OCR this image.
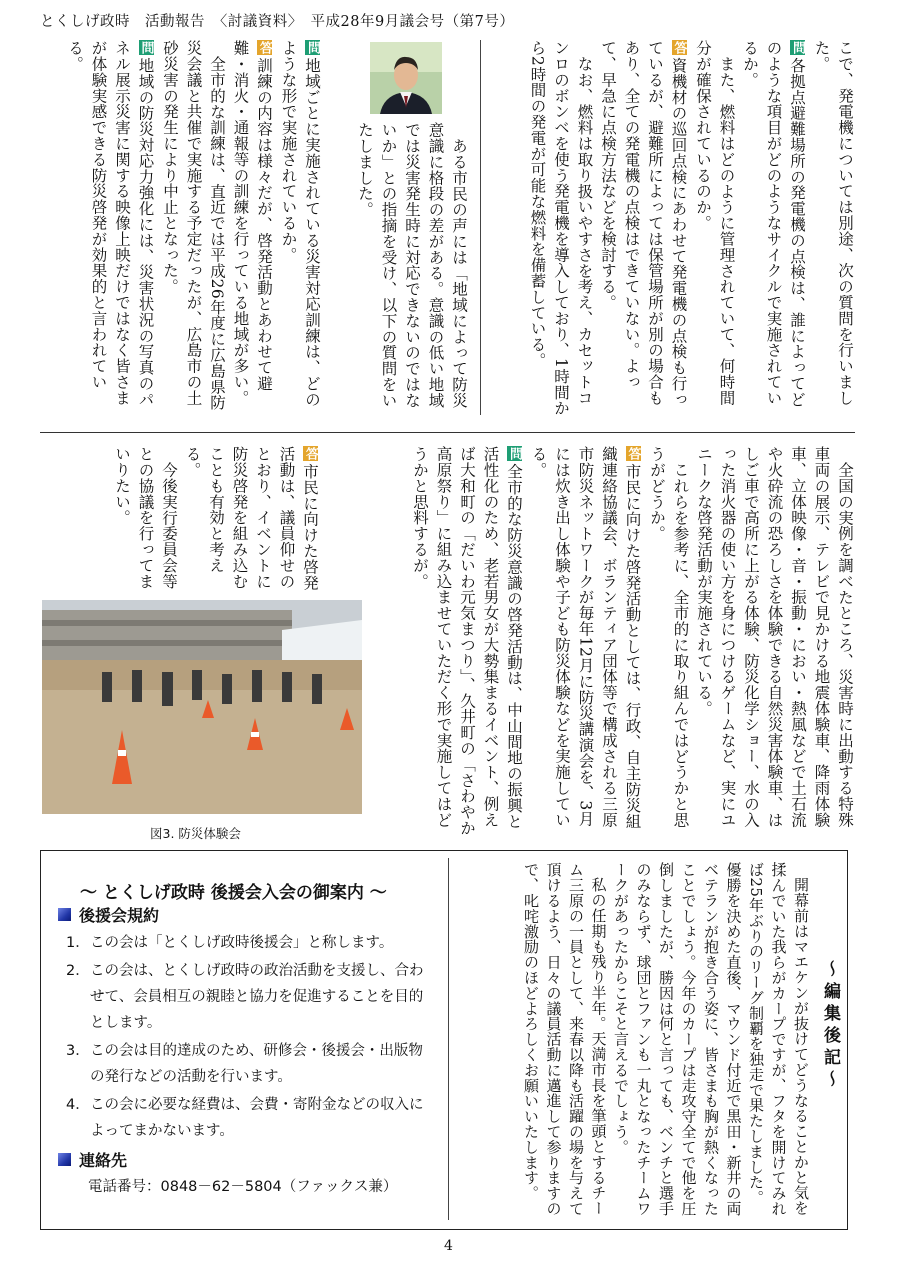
とくしげ政時　活動報告　〈討議資料〉　平成28年9月議会号（第7号）

こで、発電機については別途、次の質問を行いました。

問各拠点避難場所の発電機の点検は、誰によってどのような項目がどのようなサイクルで実施されているか。

また、燃料はどのように管理されていて、何時間分が確保されているのか。

答資機材の巡回点検にあわせて発電機の点検も行っているが、避難所によっては保管場所が別の場合もあり、全ての発電機の点検はできていない。よって、早急に点検方法などを検討する。

なお、燃料は取り扱いやすさを考え、カセットコンロのボンベを使う発電機を導入しており、1時間から2時間の発電が可能な燃料を備蓄している。

ある市民の声には「地域によって防災意識に格段の差がある。意識の低い地域では災害発生時に対応できないのではないか」との指摘を受け、以下の質問をいたしました。

問地域ごとに実施されている災害対応訓練は、どのような形で実施されているか。

答訓練の内容は様々だが、啓発活動とあわせて避難・消火・通報等の訓練を行っている地域が多い。

全市的な訓練は、直近では平成26年度に広島県防災会議と共催で実施する予定だったが、広島市の土砂災害の発生により中止となった。

問地域の防災対応力強化には、災害状況の写真のパネル展示災害に関する映像上映だけではなく皆さまが体験実感できる防災啓発が効果的と言われている。

全国の実例を調べたところ、災害時に出動する特殊車両の展示、テレビで見かける地震体験車、降雨体験車、立体映像・音・振動・におい・熱風などで土石流や火砕流の恐ろしさを体験できる自然災害体験車、はしご車で高所に上がる体験、防災化学ショー、水の入った消火器の使い方を身につけるゲームなど、実にユニークな啓発活動が実施されている。

これらを参考に、全市的に取り組んではどうかと思うがどうか。

答市民に向けた啓発活動としては、行政、自主防災組織連絡協議会、ボランティア団体等で構成される三原市防災ネットワークが毎年12月に防災講演会を、3月には炊き出し体験や子ども防災体験などを実施している。

問全市的な防災意識の啓発活動は、中山間地の振興と活性化のため、老若男女が大勢集まるイベント、例えば大和町の「だいわ元気まつり」、久井町の「さわやか高原祭り」に組み込ませていただく形で実施してはどうかと思料するが。

答市民に向けた啓発活動は、議員仰せのとおり、イベントに防災啓発を組み込むことも有効と考える。

今後実行委員会等との協議を行ってまいりたい。

図3. 防災体験会
～ とくしげ政時 後援会入会の御案内 ～
後援会規約
1． この会は「とくしげ政時後援会」と称します。
2． この会は、とくしげ政時の政治活動を支援し、合わせて、会員相互の親睦と協力を促進することを目的とします。
3． この会は目的達成のため、研修会・後援会・出版物の発行などの活動を行います。
4． この会に必要な経費は、会費・寄附金などの収入によってまかないます。
連絡先
電話番号：0848－62－5804（ファックス兼）
～編集後記～

開幕前はマエケンが抜けてどうなることかと気を揉んでいた我らがカープですが、フタを開けてみれば25年ぶりのリーグ制覇を独走で果たしました。優勝を決めた直後、マウンド付近で黒田・新井の両ベテランが抱き合う姿に、皆さまも胸が熱くなったことでしょう。今年のカープは走攻守全てで他を圧倒しましたが、勝因は何と言っても、ベンチと選手のみならず、球団とファンも一丸となったチームワークがあったからこそと言えるでしょう。

私の任期も残り半年。天満市長を筆頭とするチーム三原の一員として、来春以降も活躍の場を与えて頂けるよう、日々の議員活動に邁進して参りますので、叱咤激励のほどよろしくお願いいたします。

4
